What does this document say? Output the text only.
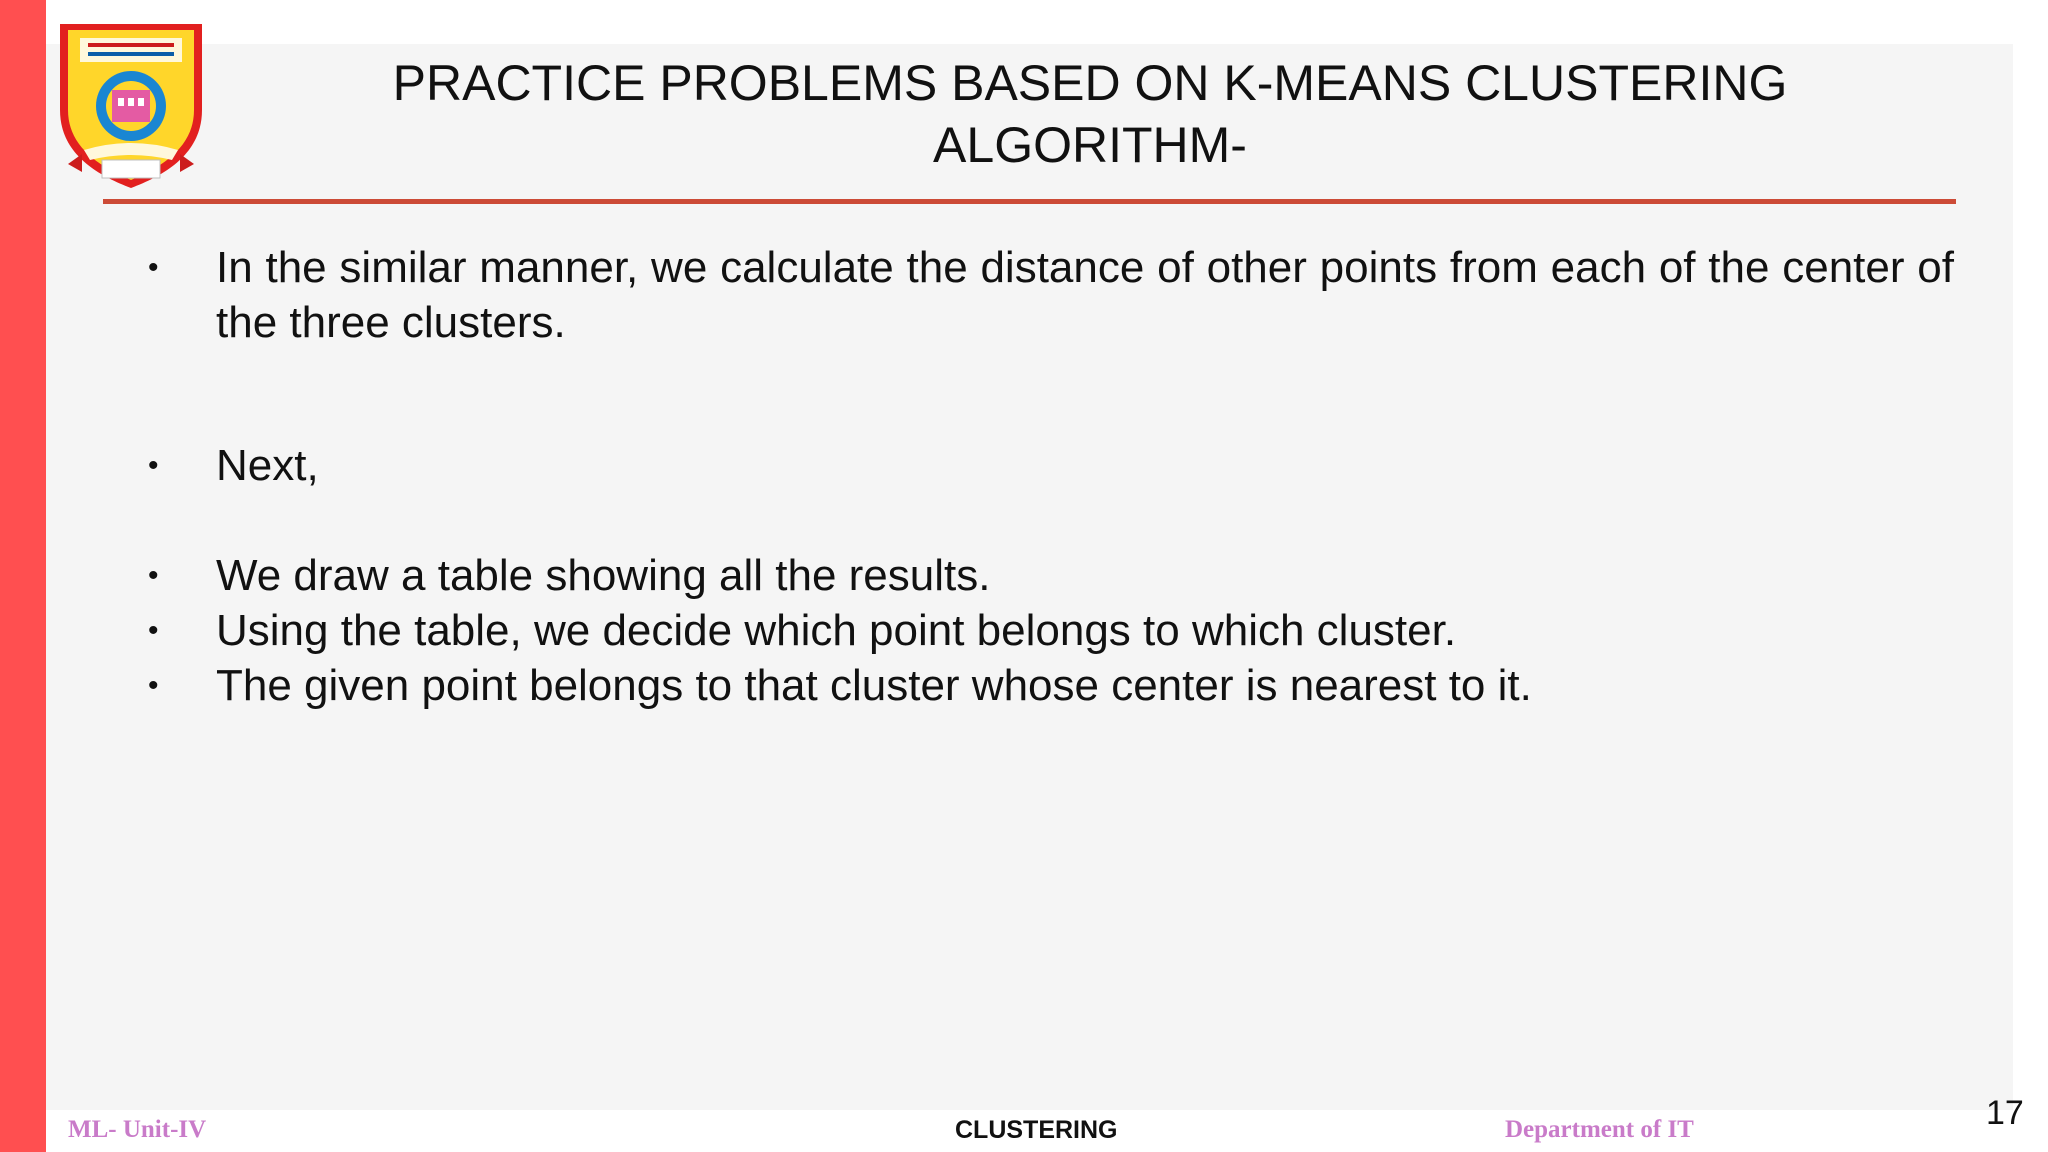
PRACTICE PROBLEMS BASED ON K-MEANS CLUSTERING
ALGORITHM-
• In the similar manner, we calculate the distance of other points from each of the center of the three clusters.
• Next,
• We draw a table showing all the results.
• Using the table, we decide which point belongs to which cluster.
• The given point belongs to that cluster whose center is nearest to it.
ML- Unit-IV	CLUSTERING	Department of IT	17
